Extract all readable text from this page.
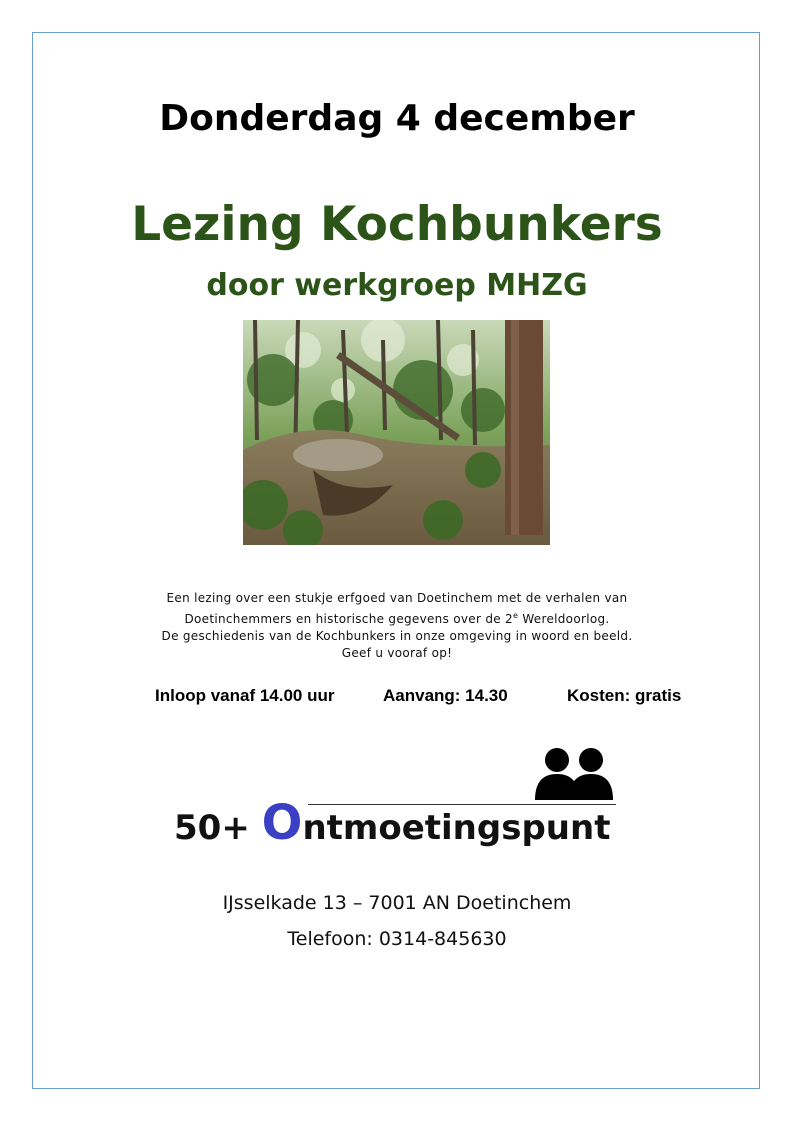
Donderdag 4 december
Lezing Kochbunkers
door werkgroep MHZG
Een lezing over een stukje erfgoed van Doetinchem met de verhalen van
Doetinchemmers en historische gegevens over de 2e Wereldoorlog.
De geschiedenis van de Kochbunkers in onze omgeving in woord en beeld.
Geef u vooraf op!
Inloop vanaf 14.00 uur	Aanvang: 14.30	Kosten: gratis
50+ Ontmoetingspunt
IJsselkade 13 – 7001 AN Doetinchem
Telefoon: 0314-845630
